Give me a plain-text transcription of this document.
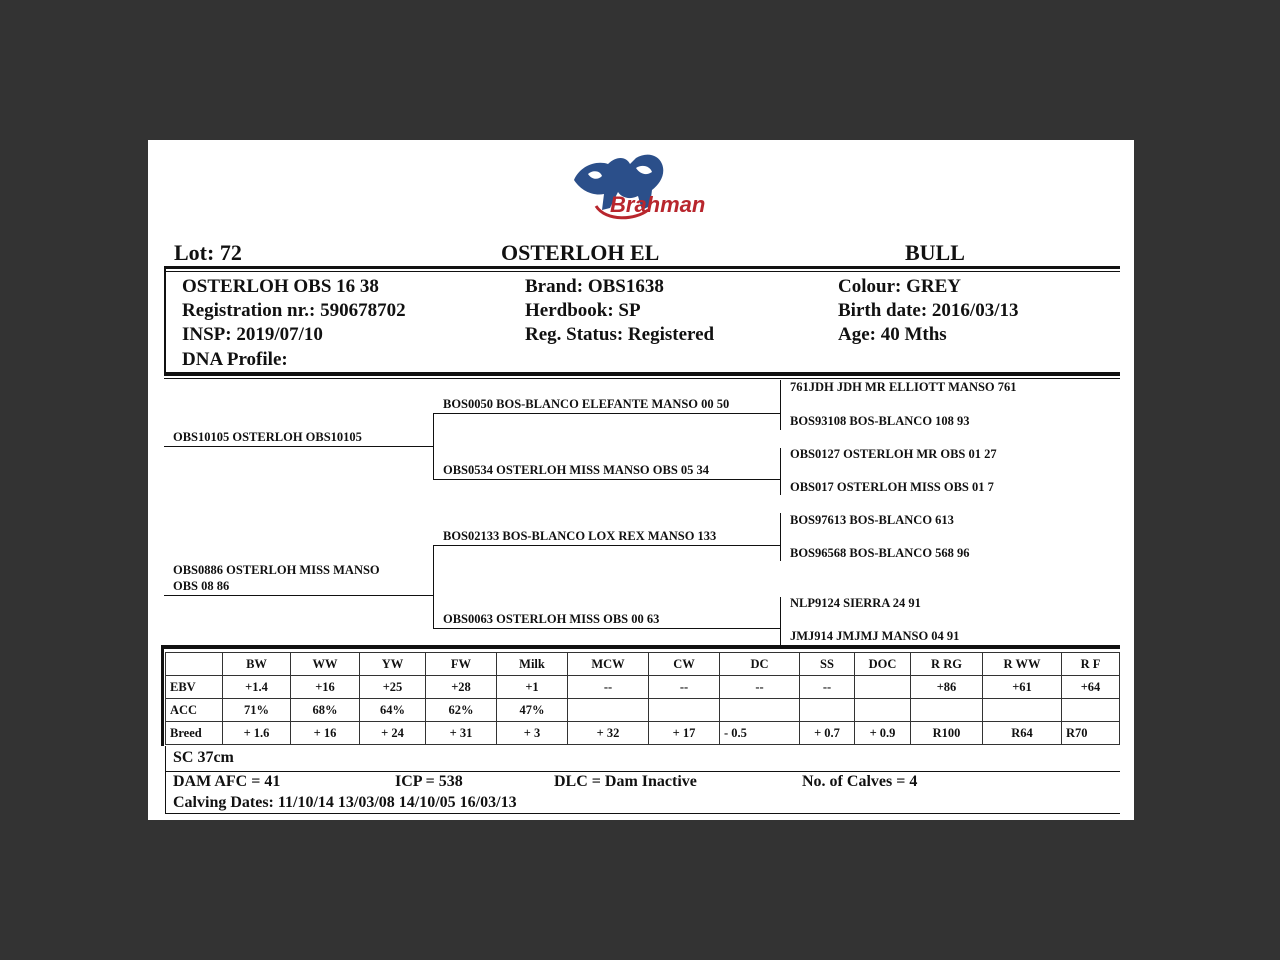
Brahman
Lot: 72	OSTERLOH EL	BULL
OSTERLOH OBS 16 38
Registration nr.: 590678702
INSP: 2019/07/10
DNA Profile:
Brand: OBS1638
Herdbook: SP
Reg. Status: Registered
Colour: GREY
Birth date: 2016/03/13
Age: 40 Mths
OBS10105 OSTERLOH OBS10105
OBS0886 OSTERLOH MISS MANSO
OBS 08 86
BOS0050 BOS-BLANCO ELEFANTE MANSO 00 50
OBS0534 OSTERLOH MISS MANSO OBS 05 34
BOS02133 BOS-BLANCO LOX REX MANSO 133
OBS0063 OSTERLOH MISS OBS 00 63
761JDH JDH MR ELLIOTT MANSO 761
BOS93108 BOS-BLANCO 108 93
OBS0127 OSTERLOH MR OBS 01 27
OBS017 OSTERLOH MISS OBS 01 7
BOS97613 BOS-BLANCO 613
BOS96568 BOS-BLANCO 568 96
NLP9124 SIERRA 24 91
JMJ914 JMJMJ MANSO 04 91
	BW	WW	YW	FW	Milk	MCW	CW	DC	SS	DOC	R RG	R WW	R F
EBV	+1.4	+16	+25	+28	+1	--	--	--	--		+86	+61	+64
ACC	71%	68%	64%	62%	47%								
Breed	+ 1.6	+ 16	+ 24	+ 31	+ 3	+ 32	+ 17	- 0.5	+ 0.7	+ 0.9	R100	R64	R70
SC 37cm
DAM AFC = 41	ICP = 538	DLC = Dam Inactive	No. of Calves = 4
Calving Dates: 11/10/14 13/03/08 14/10/05 16/03/13
